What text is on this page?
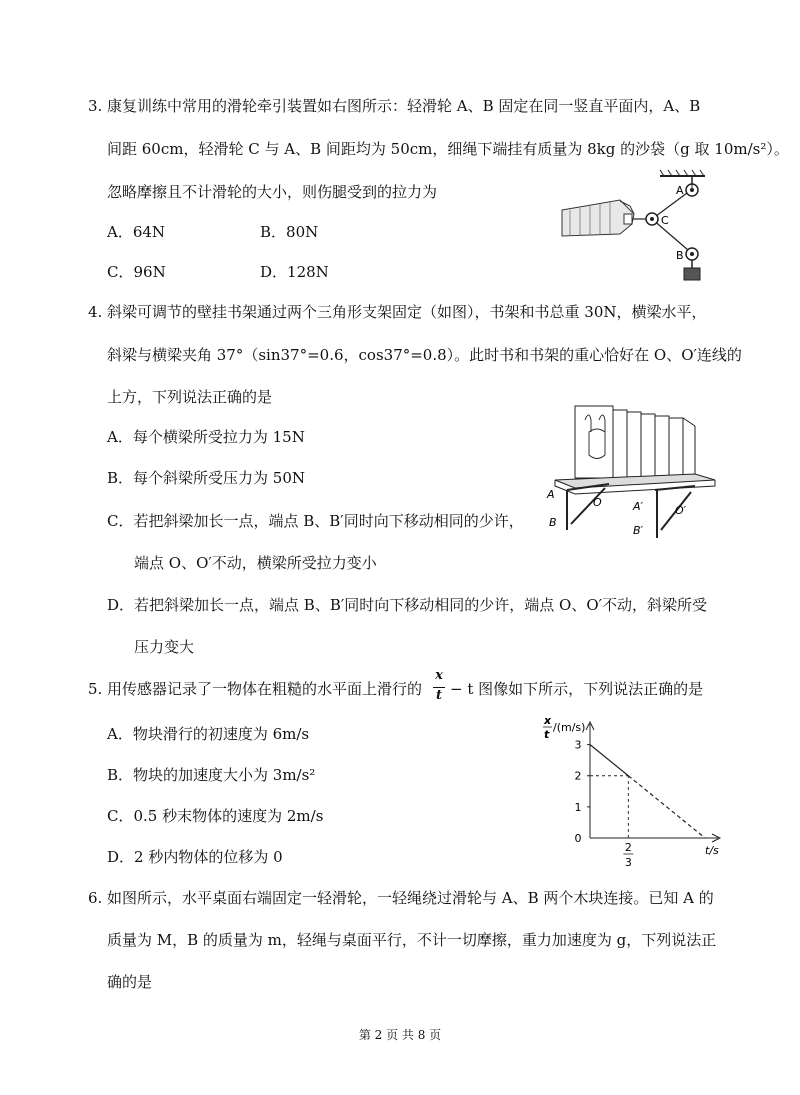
3. 康复训练中常用的滑轮牵引装置如右图所示：轻滑轮 A、B 固定在同一竖直平面内，A、B
间距 60cm，轻滑轮 C 与 A、B 间距均为 50cm，细绳下端挂有质量为 8kg 的沙袋（g 取 10m/s²）。
忽略摩擦且不计滑轮的大小，则伤腿受到的拉力为
A．64N	B．80N
C．96N	D．128N
A
C
B
4. 斜梁可调节的壁挂书架通过两个三角形支架固定（如图），书架和书总重 30N，横梁水平，
斜梁与横梁夹角 37°（sin37°=0.6，cos37°=0.8）。此时书和书架的重心恰好在 O、O′连线的
上方，下列说法正确的是
A．每个横梁所受拉力为 15N
B．每个斜梁所受压力为 50N
C．若把斜梁加长一点，端点 B、B′同时向下移动相同的少许，
端点 O、O′不动，横梁所受拉力变小
D．若把斜梁加长一点，端点 B、B′同时向下移动相同的少许，端点 O、O′不动，斜梁所受
压力变大
A
B
O	A′	O′
B′
5. 用传感器记录了一物体在粗糙的水平面上滑行的
x
t − t 图像如下所示，下列说法正确的是
A．物块滑行的初速度为 6m/s
B．物块的加速度大小为 3m/s²
C．0.5 秒末物体的速度为 2m/s
D．2 秒内物体的位移为 0
x
t
/(m/s)
t/s
0
1
2
3
2
3
6. 如图所示，水平桌面右端固定一轻滑轮，一轻绳绕过滑轮与 A、B 两个木块连接。已知 A 的
质量为 M，B 的质量为 m，轻绳与桌面平行，不计一切摩擦，重力加速度为 g，下列说法正
确的是
第 2 页 共 8 页
